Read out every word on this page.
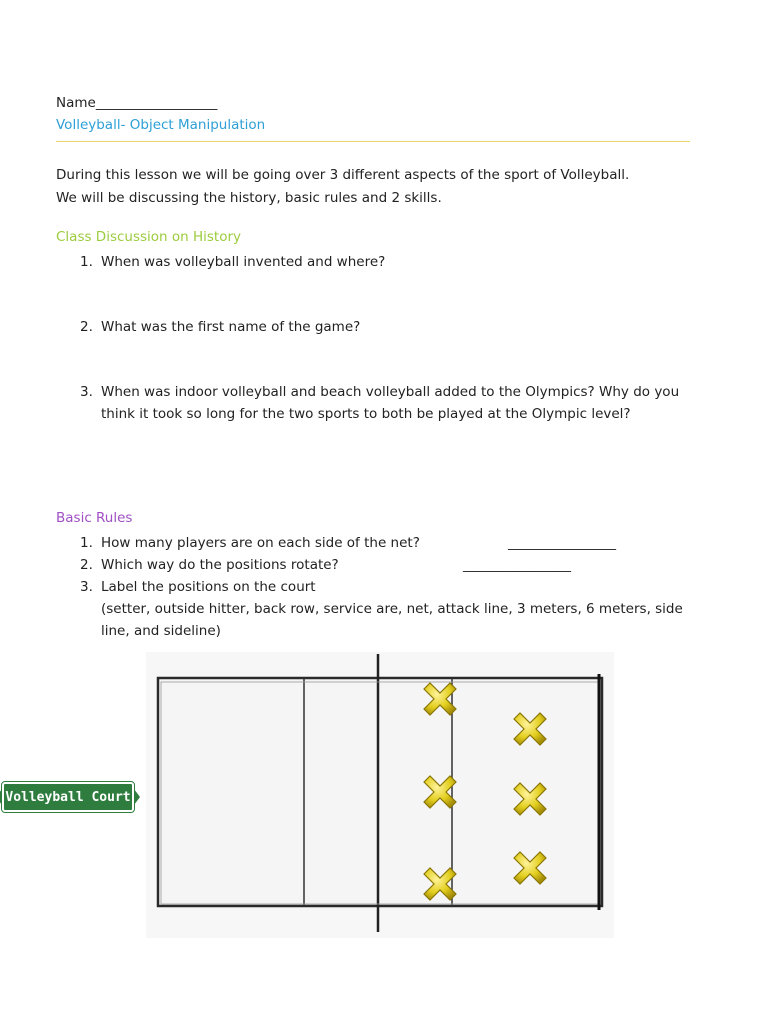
Name__________________
Volleyball- Object Manipulation
During this lesson we will be going over 3 different aspects of the sport of Volleyball.
We will be discussing the history, basic rules and 2 skills.
Class Discussion on History
1. When was volleyball invented and where?
2. What was the first name of the game?
3. When was indoor volleyball and beach volleyball added to the Olympics? Why do you think it took so long for the two sports to both be played at the Olympic level?
Basic Rules
1. How many players are on each side of the net?	________________
2. Which way do the positions rotate?	________________
3. Label the positions on the court
(setter, outside hitter, back row, service are, net, attack line, 3 meters, 6 meters, side line, and sideline)
Volleyball Court
